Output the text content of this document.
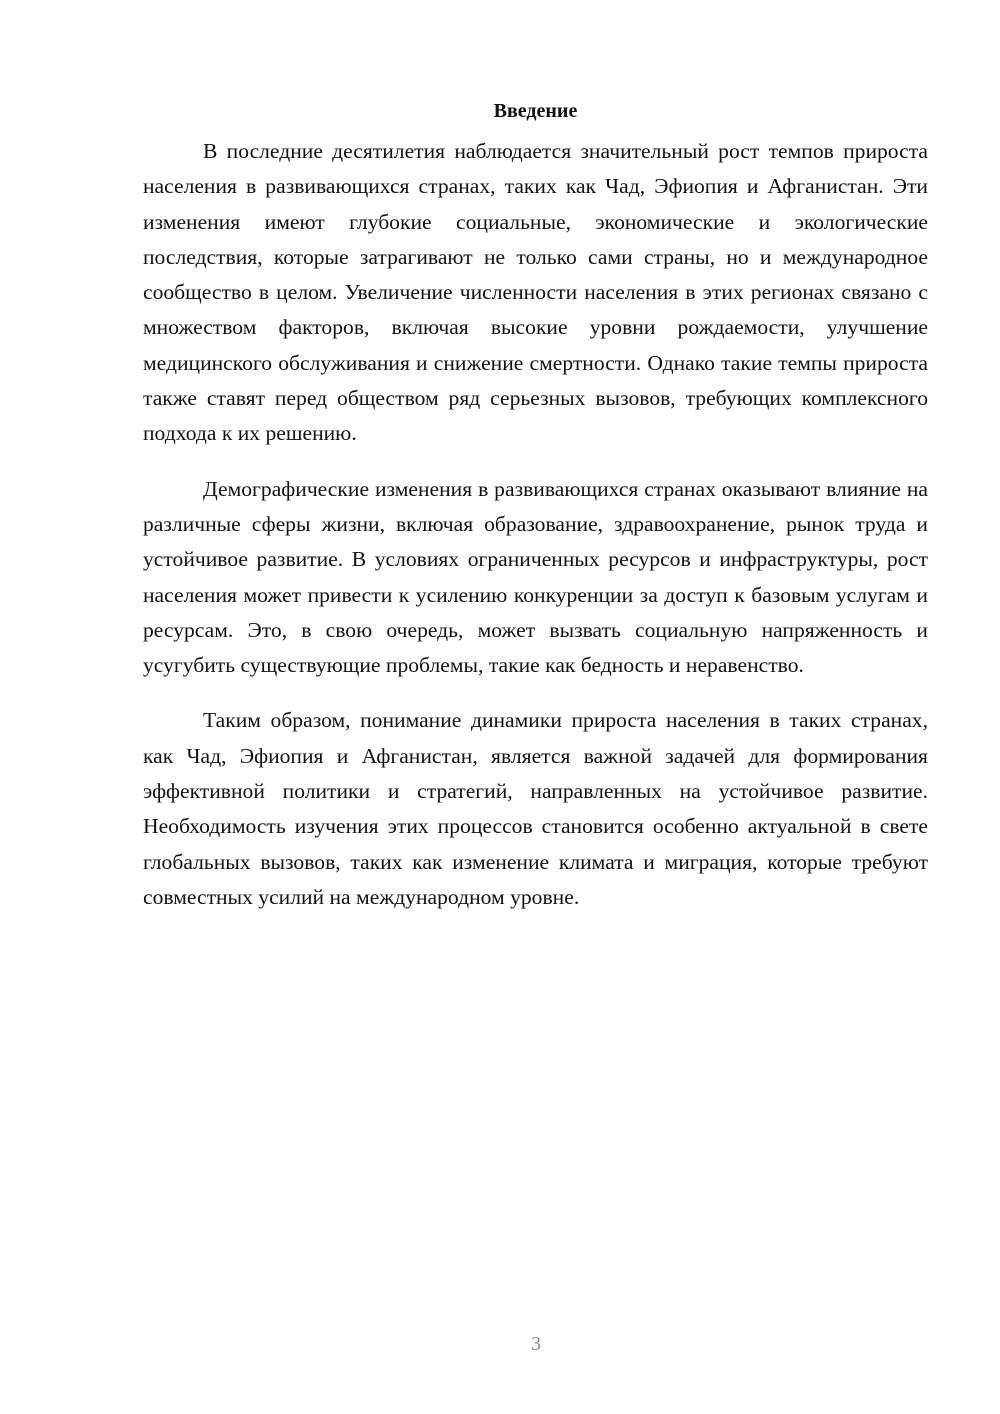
Введение

В последние десятилетия наблюдается значительный рост темпов прироста населения в развивающихся странах, таких как Чад, Эфиопия и Афганистан. Эти изменения имеют глубокие социальные, экономические и экологические последствия, которые затрагивают не только сами страны, но и международное сообщество в целом. Увеличение численности населения в этих регионах связано с множеством факторов, включая высокие уровни рождаемости, улучшение медицинского обслуживания и снижение смертности. Однако такие темпы прироста также ставят перед обществом ряд серьезных вызовов, требующих комплексного подхода к их решению.

Демографические изменения в развивающихся странах оказывают влияние на различные сферы жизни, включая образование, здравоохранение, рынок труда и устойчивое развитие. В условиях ограниченных ресурсов и инфраструктуры, рост населения может привести к усилению конкуренции за доступ к базовым услугам и ресурсам. Это, в свою очередь, может вызвать социальную напряженность и усугубить существующие проблемы, такие как бедность и неравенство.

Таким образом, понимание динамики прироста населения в таких странах, как Чад, Эфиопия и Афганистан, является важной задачей для формирования эффективной политики и стратегий, направленных на устойчивое развитие. Необходимость изучения этих процессов становится особенно актуальной в свете глобальных вызовов, таких как изменение климата и миграция, которые требуют совместных усилий на международном уровне.

3
